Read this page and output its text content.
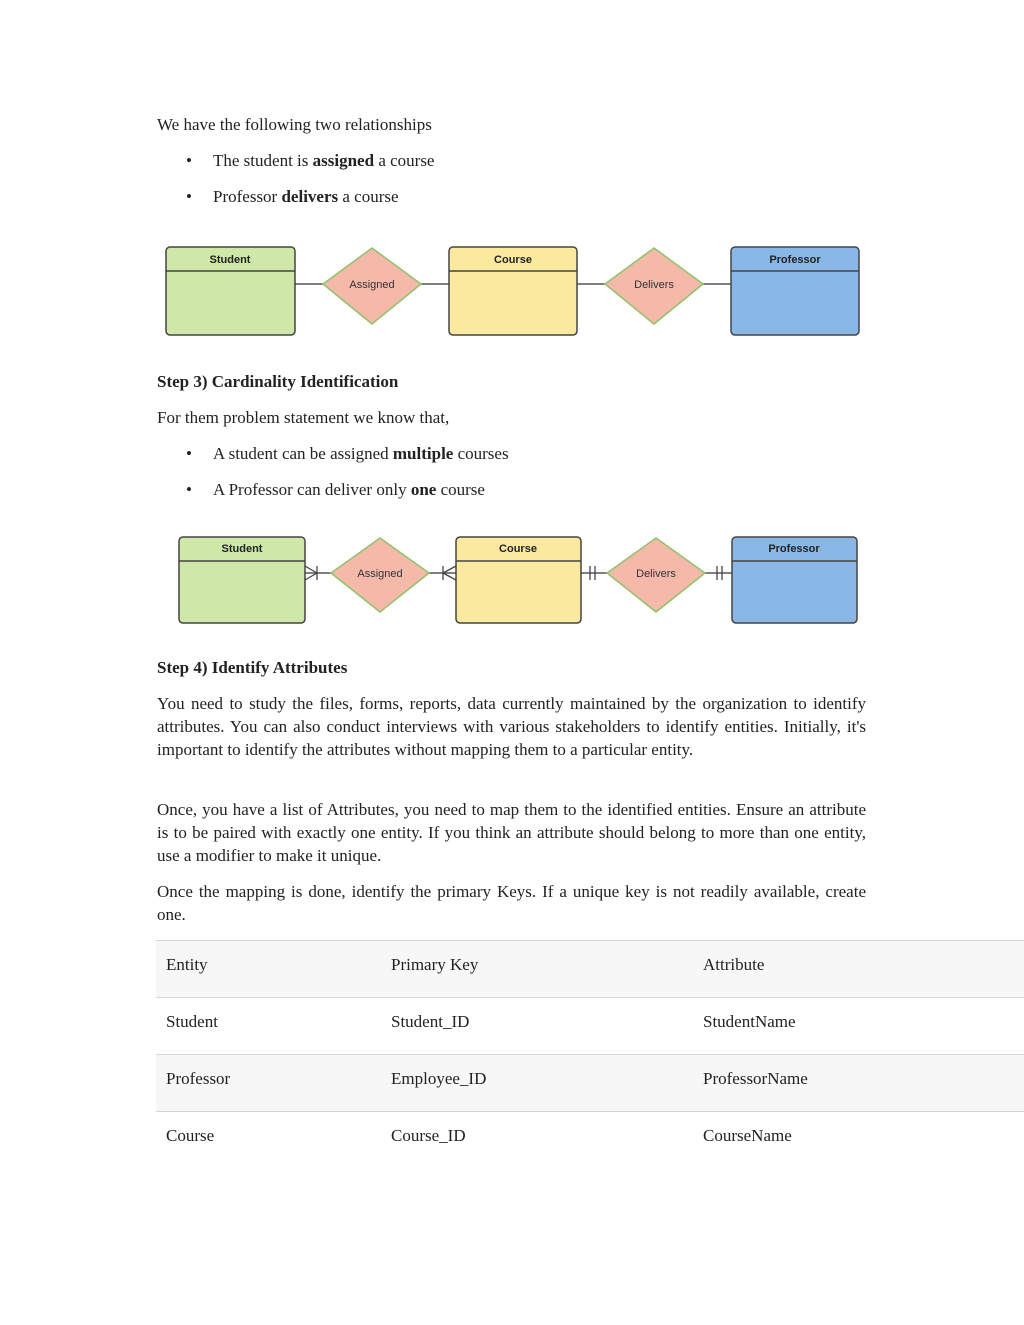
We have the following two relationships

• The student is assigned a course
• Professor delivers a course
Student
Assigned
Course
Delivers
Professor

Step 3) Cardinality Identification

For them problem statement we know that,

• A student can be assigned multiple courses
• A Professor can deliver only one course
Student
Assigned
Course
Delivers
Professor

Step 4) Identify Attributes

You need to study the files, forms, reports, data currently maintained by the organization to identify attributes. You can also conduct interviews with various stakeholders to identify entities. Initially, it's important to identify the attributes without mapping them to a particular entity.

Once, you have a list of Attributes, you need to map them to the identified entities. Ensure an attribute is to be paired with exactly one entity. If you think an attribute should belong to more than one entity, use a modifier to make it unique.

Once the mapping is done, identify the primary Keys. If a unique key is not readily available, create one.

Entity	Primary Key	Attribute
Student	Student_ID	StudentName
Professor	Employee_ID	ProfessorName
Course	Course_ID	CourseName
